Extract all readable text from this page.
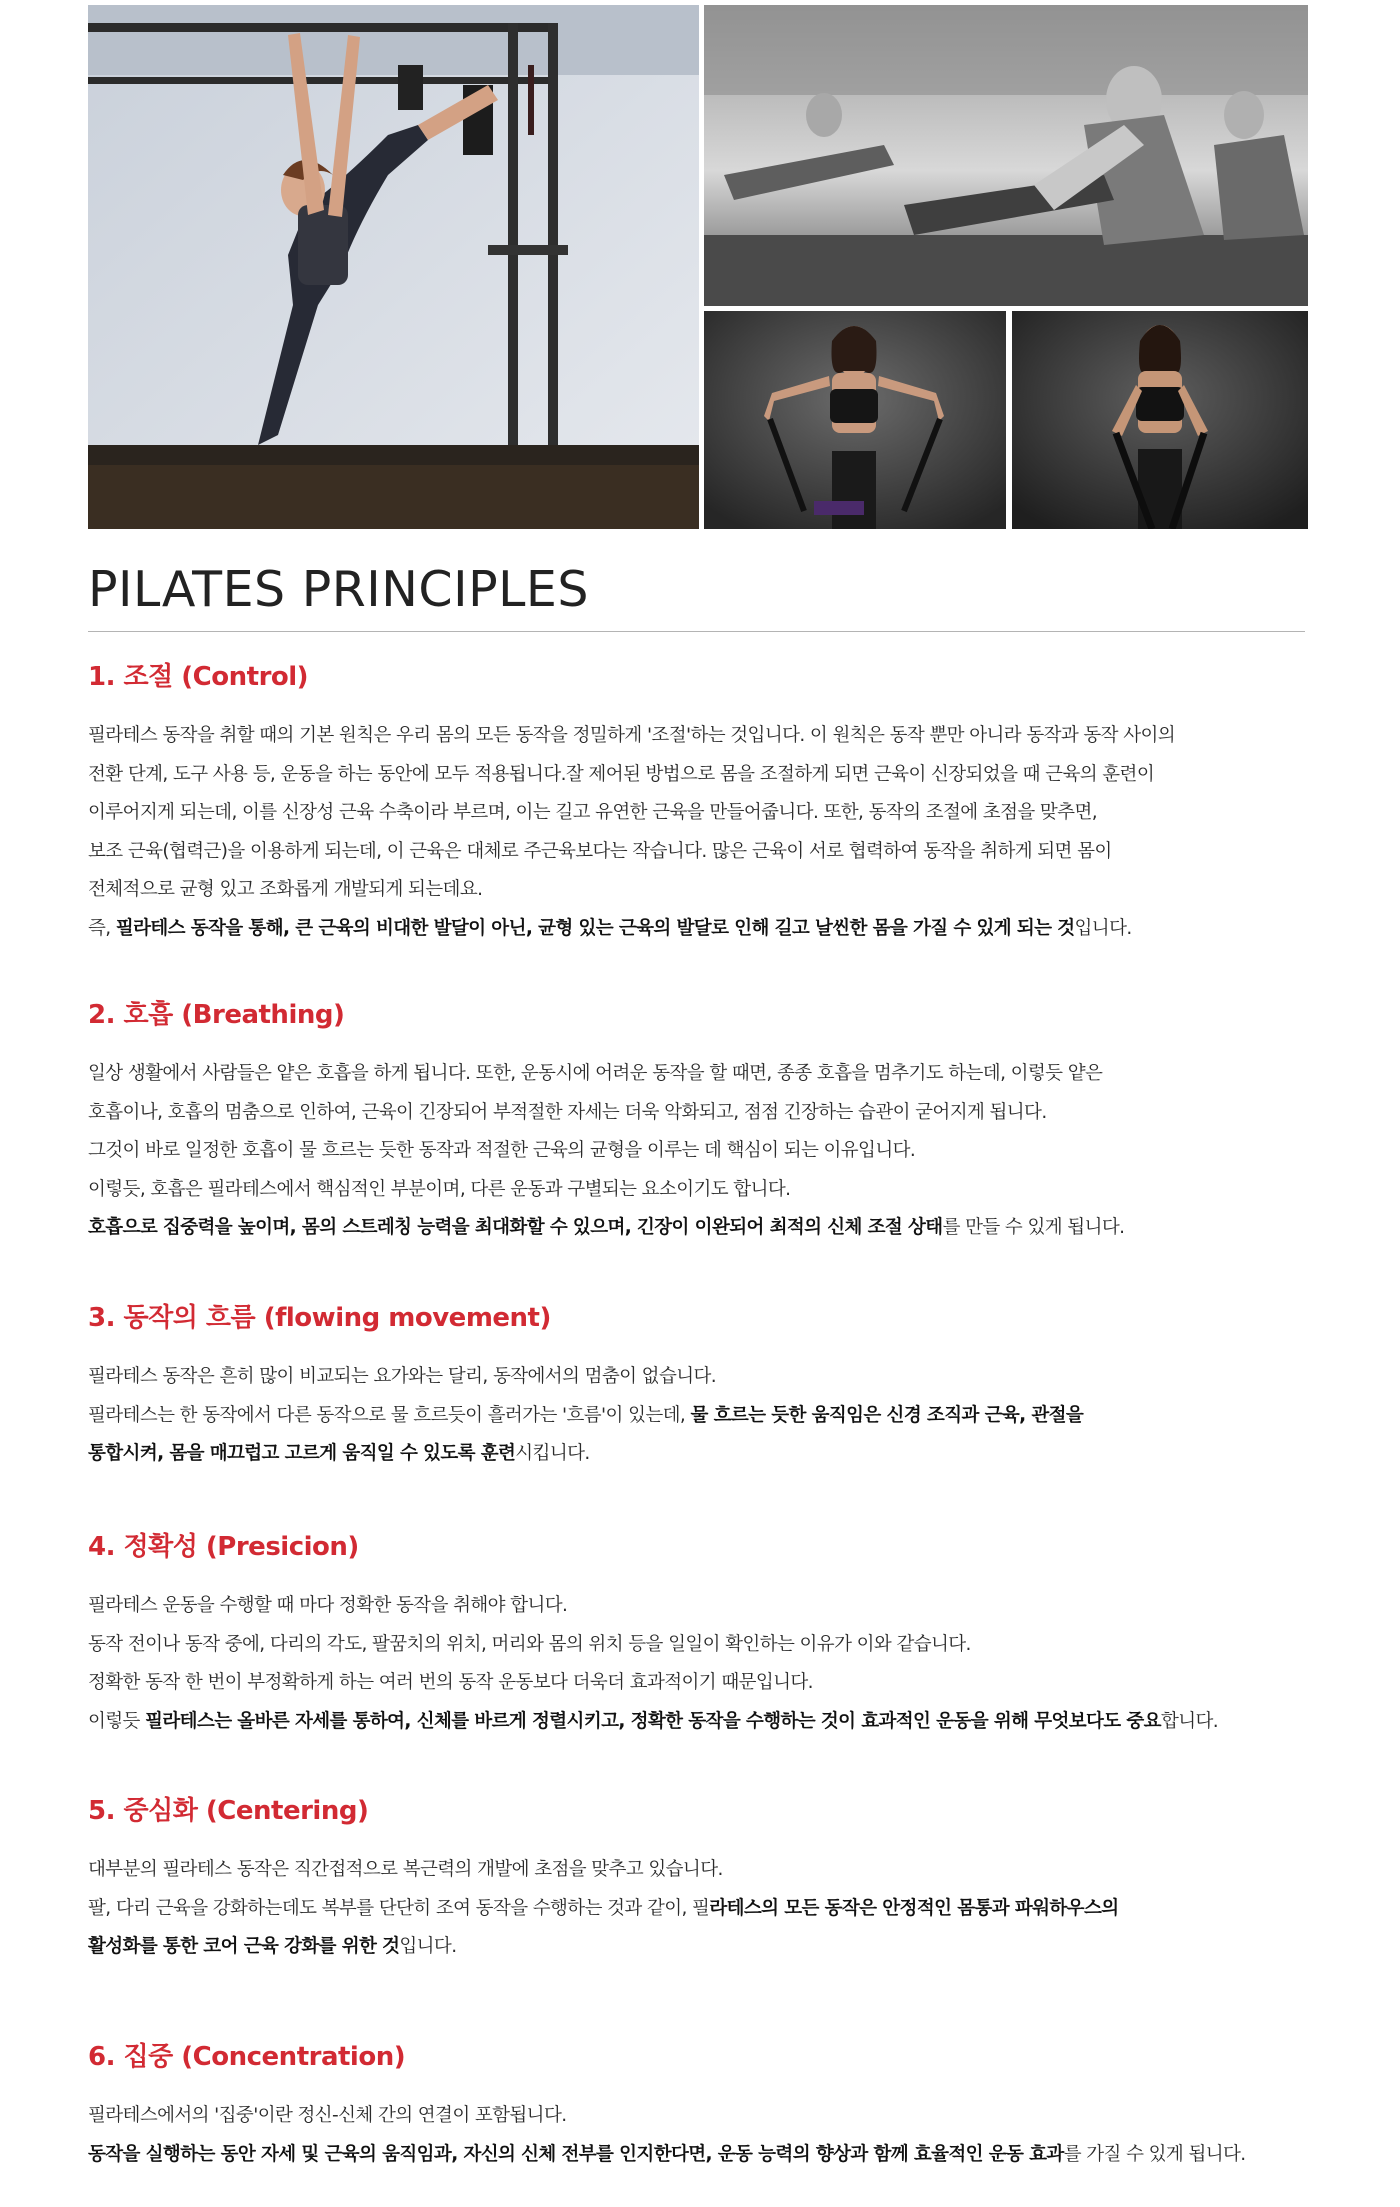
PILATES PRINCIPLES
1. 조절 (Control)
필라테스 동작을 취할 때의 기본 원칙은 우리 몸의 모든 동작을 정밀하게 '조절'하는 것입니다. 이 원칙은 동작 뿐만 아니라 동작과 동작 사이의
전환 단계, 도구 사용 등, 운동을 하는 동안에 모두 적용됩니다.잘 제어된 방법으로 몸을 조절하게 되면 근육이 신장되었을 때 근육의 훈련이
이루어지게 되는데, 이를 신장성 근육 수축이라 부르며, 이는 길고 유연한 근육을 만들어줍니다. 또한, 동작의 조절에 초점을 맞추면,
보조 근육(협력근)을 이용하게 되는데, 이 근육은 대체로 주근육보다는 작습니다. 많은 근육이 서로 협력하여 동작을 취하게 되면 몸이
전체적으로 균형 있고 조화롭게 개발되게 되는데요.
즉, 필라테스 동작을 통해, 큰 근육의 비대한 발달이 아닌, 균형 있는 근육의 발달로 인해 길고 날씬한 몸을 가질 수 있게 되는 것입니다.
2. 호흡 (Breathing)
일상 생활에서 사람들은 얕은 호흡을 하게 됩니다. 또한, 운동시에 어려운 동작을 할 때면, 종종 호흡을 멈추기도 하는데, 이렇듯 얕은
호흡이나, 호흡의 멈춤으로 인하여, 근육이 긴장되어 부적절한 자세는 더욱 악화되고, 점점 긴장하는 습관이 굳어지게 됩니다.
그것이 바로 일정한 호흡이 물 흐르는 듯한 동작과 적절한 근육의 균형을 이루는 데 핵심이 되는 이유입니다.
이렇듯, 호흡은 필라테스에서 핵심적인 부분이며, 다른 운동과 구별되는 요소이기도 합니다.
호흡으로 집중력을 높이며, 몸의 스트레칭 능력을 최대화할 수 있으며, 긴장이 이완되어 최적의 신체 조절 상태를 만들 수 있게 됩니다.
3. 동작의 흐름 (flowing movement)
필라테스 동작은 흔히 많이 비교되는 요가와는 달리, 동작에서의 멈춤이 없습니다.
필라테스는 한 동작에서 다른 동작으로 물 흐르듯이 흘러가는 '흐름'이 있는데, 물 흐르는 듯한 움직임은 신경 조직과 근육, 관절을
통합시켜, 몸을 매끄럽고 고르게 움직일 수 있도록 훈련시킵니다.
4. 정확성 (Presicion)
필라테스 운동을 수행할 때 마다 정확한 동작을 취해야 합니다.
동작 전이나 동작 중에, 다리의 각도, 팔꿈치의 위치, 머리와 몸의 위치 등을 일일이 확인하는 이유가 이와 같습니다.
정확한 동작 한 번이 부정확하게 하는 여러 번의 동작 운동보다 더욱더 효과적이기 때문입니다.
이렇듯 필라테스는 올바른 자세를 통하여, 신체를 바르게 정렬시키고, 정확한 동작을 수행하는 것이 효과적인 운동을 위해 무엇보다도 중요합니다.
5. 중심화 (Centering)
대부분의 필라테스 동작은 직간접적으로 복근력의 개발에 초점을 맞추고 있습니다.
팔, 다리 근육을 강화하는데도 복부를 단단히 조여 동작을 수행하는 것과 같이, 필라테스의 모든 동작은 안정적인 몸통과 파워하우스의
활성화를 통한 코어 근육 강화를 위한 것입니다.
6. 집중 (Concentration)
필라테스에서의 '집중'이란 정신-신체 간의 연결이 포함됩니다.
동작을 실행하는 동안 자세 및 근육의 움직임과, 자신의 신체 전부를 인지한다면, 운동 능력의 향상과 함께 효율적인 운동 효과를 가질 수 있게 됩니다.
